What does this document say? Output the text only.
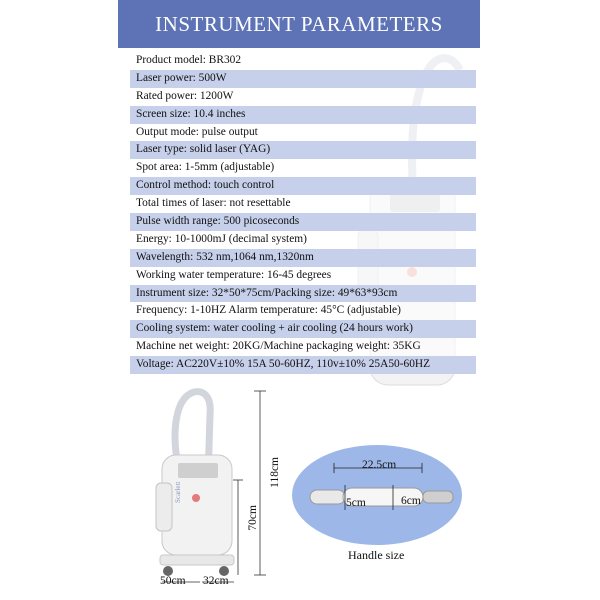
INSTRUMENT PARAMETERS
Product model: BR302
Laser power: 500W
Rated power: 1200W
Screen size: 10.4 inches
Output mode: pulse output
Laser type: solid laser (YAG)
Spot area: 1-5mm (adjustable)
Control method: touch control
Total times of laser: not resettable
Pulse width range: 500 picoseconds
Energy: 10-1000mJ (decimal system)
Wavelength: 532 nm,1064 nm,1320nm
Working water temperature: 16-45 degrees
Instrument size: 32*50*75cm/Packing size: 49*63*93cm
Frequency: 1-10HZ Alarm temperature: 45°C (adjustable)
Cooling system: water cooling + air cooling (24 hours work)
Machine net weight: 20KG/Machine packaging weight: 35KG
Voltage: AC220V±10% 15A 50-60HZ, 110v±10% 25A50-60HZ
Scarlett
118cm
70cm
50cm 32cm
22.5cm
5cm	6cm
Handle size
